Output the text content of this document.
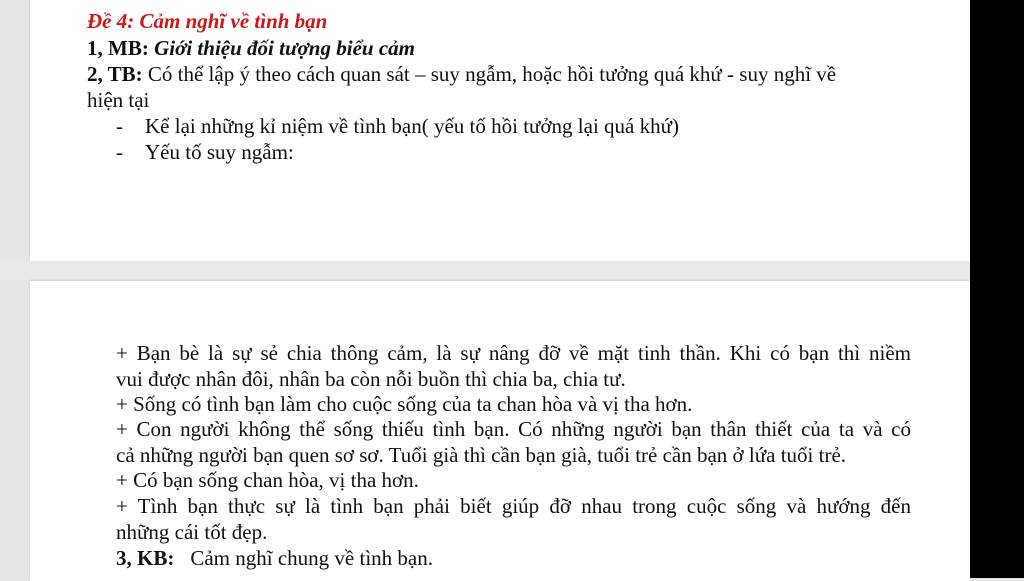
Đề 4: Cảm nghĩ về tình bạn
1, MB: Giới thiệu đối tượng biểu cảm
2, TB: Có thể lập ý theo cách quan sát – suy ngẫm, hoặc hồi tưởng quá khứ - suy nghĩ về
hiện tại
- Kể lại những kỉ niệm về tình bạn( yếu tố hồi tưởng lại quá khứ)
- Yếu tố suy ngẫm:
+ Bạn bè là sự sẻ chia thông cảm, là sự nâng đỡ về mặt tinh thần. Khi có bạn thì niềm
vui được nhân đôi, nhân ba còn nỗi buồn thì chia ba, chia tư.
+ Sống có tình bạn làm cho cuộc sống của ta chan hòa và vị tha hơn.
+ Con người không thể sống thiếu tình bạn. Có những người bạn thân thiết của ta và có
cả những người bạn quen sơ sơ. Tuổi già thì cần bạn già, tuổi trẻ cần bạn ở lứa tuổi trẻ.
+ Có bạn sống chan hòa, vị tha hơn.
+ Tình bạn thực sự là tình bạn phải biết giúp đỡ nhau trong cuộc sống và hướng đến
những cái tốt đẹp.
3, KB: Cảm nghĩ chung về tình bạn.
